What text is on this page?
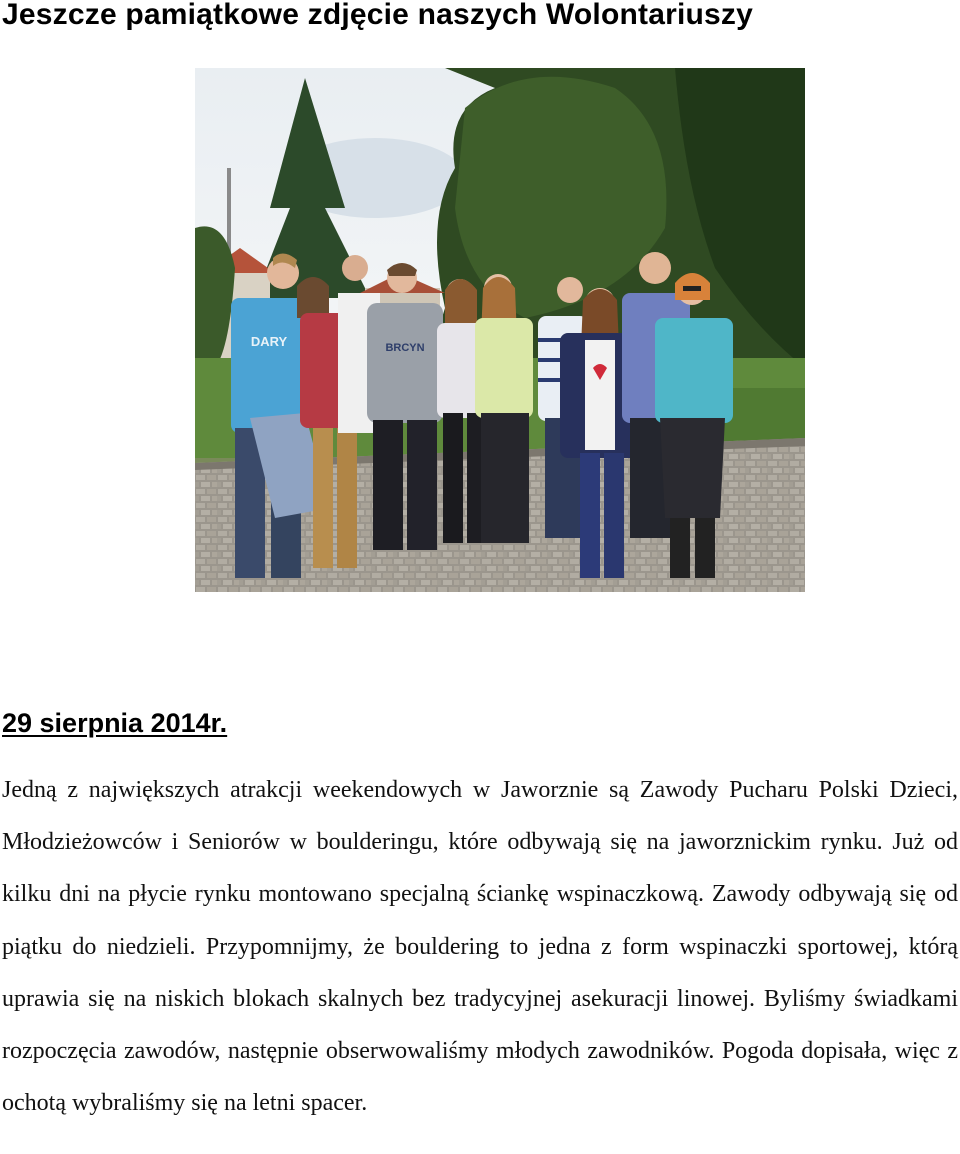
Jeszcze pamiątkowe zdjęcie naszych Wolontariuszy
DARY	BRCYN
29 sierpnia 2014r.

Jedną z największych atrakcji weekendowych w Jaworznie są Zawody Pucharu Polski Dzieci, Młodzieżowców i Seniorów w boulderingu, które odbywają się na jaworznickim rynku. Już od kilku dni na płycie rynku montowano specjalną ściankę wspinaczkową. Zawody odbywają się od piątku do niedzieli. Przypomnijmy, że bouldering to jedna z form wspinaczki sportowej, którą uprawia się na niskich blokach skalnych bez tradycyjnej asekuracji linowej. Byliśmy świadkami rozpoczęcia zawodów, następnie obserwowaliśmy młodych zawodników. Pogoda dopisała, więc z ochotą wybraliśmy się na letni spacer.
